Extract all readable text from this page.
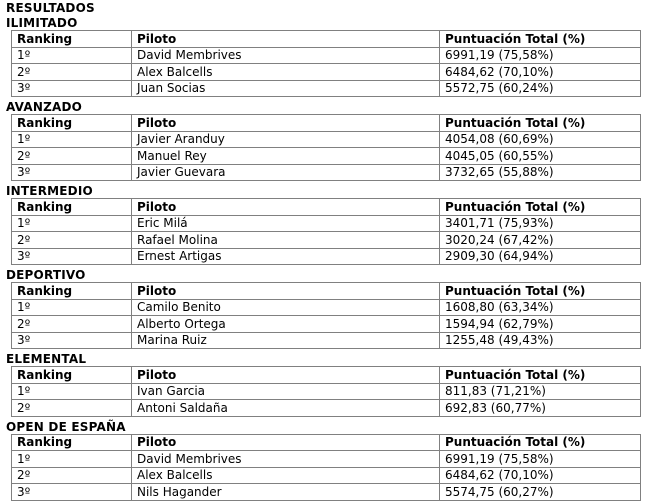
RESULTADOS
ILIMITADO
Ranking	Piloto	Puntuación Total (%)
1º	David Membrives	6991,19 (75,58%)
2º	Alex Balcells	6484,62 (70,10%)
3º	Juan Socias	5572,75 (60,24%)
AVANZADO
Ranking	Piloto	Puntuación Total (%)
1º	Javier Aranduy	4054,08 (60,69%)
2º	Manuel Rey	4045,05 (60,55%)
3º	Javier Guevara	3732,65 (55,88%)
INTERMEDIO
Ranking	Piloto	Puntuación Total (%)
1º	Eric Milá	3401,71 (75,93%)
2º	Rafael Molina	3020,24 (67,42%)
3º	Ernest Artigas	2909,30 (64,94%)
DEPORTIVO
Ranking	Piloto	Puntuación Total (%)
1º	Camilo Benito	1608,80 (63,34%)
2º	Alberto Ortega	1594,94 (62,79%)
3º	Marina Ruiz	1255,48 (49,43%)
ELEMENTAL
Ranking	Piloto	Puntuación Total (%)
1º	Ivan Garcia	811,83 (71,21%)
2º	Antoni Saldaña	692,83 (60,77%)
OPEN DE ESPAÑA
Ranking	Piloto	Puntuación Total (%)
1º	David Membrives	6991,19 (75,58%)
2º	Alex Balcells	6484,62 (70,10%)
3º	Nils Hagander	5574,75 (60,27%)
